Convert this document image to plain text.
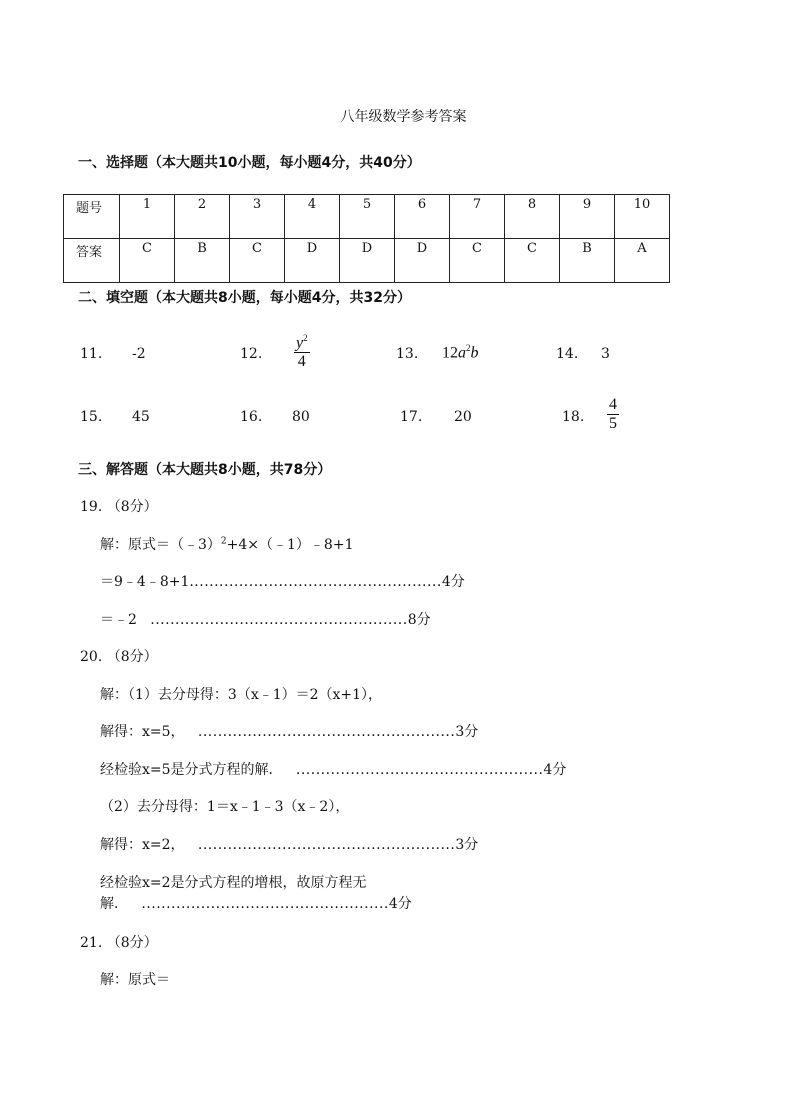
八年级数学参考答案
一、选择题（本大题共10小题，每小题4分，共40分）
题号	1	2	3	4	5	6	7	8	9	10
答案	C	B	C	D	D	D	C	C	B	A
二、填空题（本大题共8小题，每小题4分，共32分）
11. -2	12. $\frac{y^2}{4}$	13. $12a^2b$	14. 3
15. 45	16. 80	17. 20	18. $\frac{4}{5}$
三、解答题（本大题共8小题，共78分）
19. （8分）
解：原式＝（﹣3）$^2$+4×（﹣1）﹣8+1
＝9﹣4﹣8+1...................................................4分
＝﹣2 ....................................................8分
20. （8分）
解：（1）去分母得：3（x﹣1）＝2（x+1），
解得：x=5， ....................................................3分
经检验x=5是分式方程的解． ..................................................4分
（2）去分母得：1＝x﹣1﹣3（x﹣2），
解得：x=2， ....................................................3分
经检验x=2是分式方程的增根，故原方程无
解． ..................................................4分
21. （8分）
解：原式＝
